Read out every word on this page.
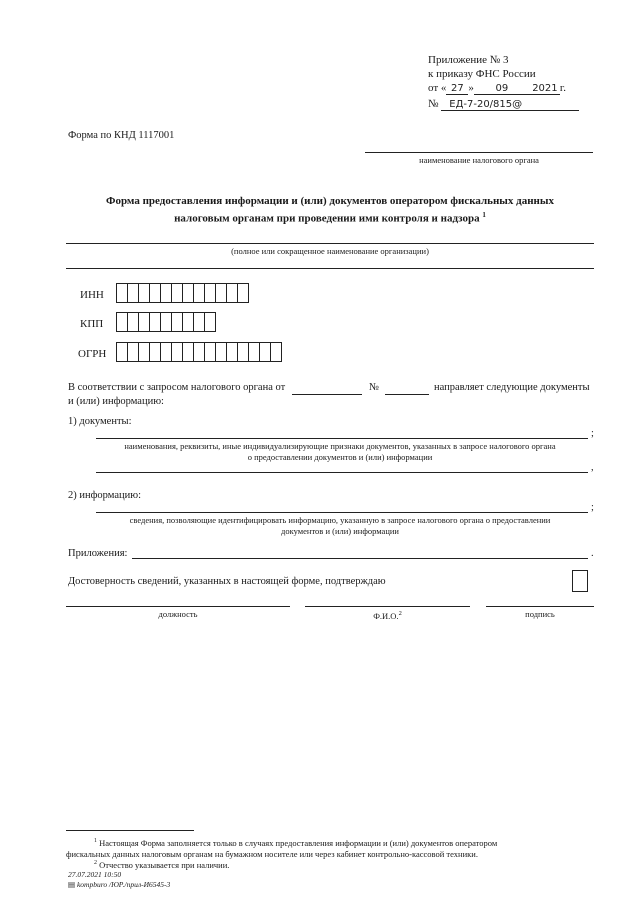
Приложение № 3
к приказу ФНС России
от « 27 » 09 2021 г.
№ ЕД-7-20/815@
Форма по КНД 1117001
наименование налогового органа
Форма предоставления информации и (или) документов оператором фискальных данных
налоговым органам при проведении ими контроля и надзора $^1$
(полное или сокращенное наименование организации)
ИНН
КПП
ОГРН
В соответствии с запросом налогового органа от	№	направляет следующие документы
и (или) информацию:
1) документы:
;
наименования, реквизиты, иные индивидуализирующие признаки документов, указанных в запросе налогового органа
о предоставлении документов и (или) информации
,
2) информацию:
;
сведения, позволяющие идентифицировать информацию, указанную в запросе налогового органа о предоставлении
документов и (или) информации
Приложения:	.
Достоверность сведений, указанных в настоящей форме, подтверждаю
должность	Ф.И.О.$^2$	подпись
$^1$ Настоящая Форма заполняется только в случаях предоставления информации и (или) документов оператором
фискальных данных налоговым органам на бумажном носителе или через кабинет контрольно-кассовой техники.
$^2$ Отчество указывается при наличии.
27.07.2021 10:50
▤ kompburo /ЮР./прил-И6545-3
